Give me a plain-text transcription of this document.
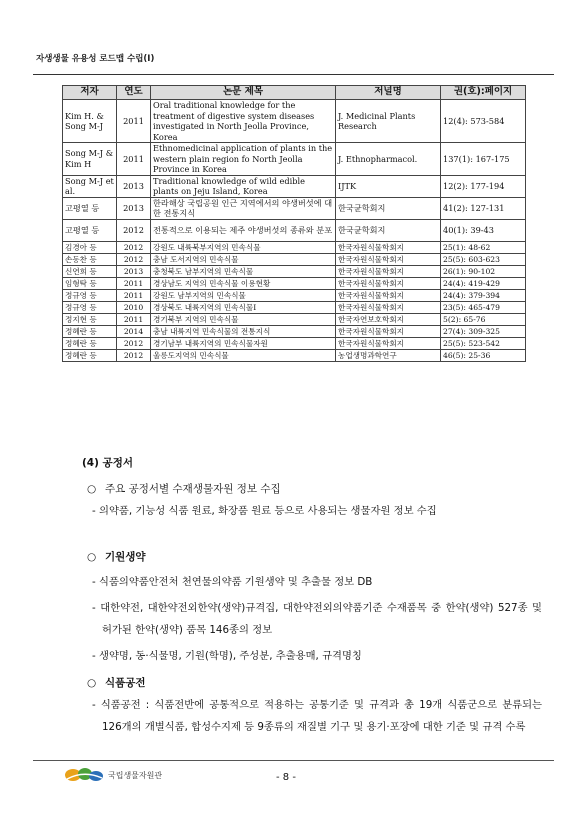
자생생물 유용성 로드맵 수립(I)
저자	연도	논문 제목	저널명	권(호):페이지
Kim H. & Song M-J	2011	Oral traditional knowledge for the treatment of digestive system diseases investigated in North Jeolla Province, Korea	J. Medicinal Plants Research	12(4): 573-584
Song M-J & Kim H	2011	Ethnomedicinal application of plants in the western plain region fo North Jeolla Province in Korea	J. Ethnopharmacol.	137(1): 167-175
Song M-J et al.	2013	Traditional knowledge of wild edible plants on Jeju Island, Korea	IJTK	12(2): 177-194
고평열 등	2013	한라해상 국립공원 인근 지역에서의 야생버섯에 대한 전통지식	한국균학회지	41(2): 127-131
고평열 등	2012	전통적으로 이용되는 제주 야생버섯의 종류와 분포	한국균학회지	40(1): 39-43
김경아 등	2012	강원도 내륙북부지역의 민속식물	한국자원식물학회지	25(1): 48-62
손동찬 등	2012	충남 도서지역의 민속식물	한국자원식물학회지	25(5): 603-623
신연희 등	2013	충청북도 남부지역의 민속식물	한국자원식물학회지	26(1): 90-102
임형탁 등	2011	경상남도 지역의 민속식물 이용현황	한국자원식물학회지	24(4): 419-429
정규영 등	2011	강원도 남부지역의 민속식물	한국자원식물학회지	24(4): 379-394
정규영 등	2010	경상북도 내륙지역의 민속식물I	한국자원식물학회지	23(5): 465-479
정지현 등	2011	경기북부 지역의 민속식물	한국자연보호학회지	5(2): 65-76
정혜란 등	2014	충남 내륙지역 민속식물의 전통지식	한국자원식물학회지	27(4): 309-325
정혜란 등	2012	경기남부 내륙지역의 민속식물자원	한국자원식물학회지	25(5): 523-542
정혜란 등	2012	울릉도지역의 민속식물	농업생명과학연구	46(5): 25-36
(4) 공정서
○ 주요 공정서별 수재생물자원 정보 수집
- 의약품, 기능성 식품 원료, 화장품 원료 등으로 사용되는 생물자원 정보 수집
○ 기원생약
- 식품의약품안전처 천연물의약품 기원생약 및 추출물 정보 DB
- 대한약전, 대한약전외한약(생약)규격집, 대한약전외의약품기준 수재품목 중 한약(생약) 527종 및 허가된 한약(생약) 품목 146종의 정보
- 생약명, 동·식물명, 기원(학명), 주성분, 추출용매, 규격명칭
○ 식품공전
- 식품공전 : 식품전반에 공통적으로 적용하는 공통기준 및 규격과 총 19개 식품군으로 분류되는 126개의 개별식품, 합성수지제 등 9종류의 재질별 기구 및 용기·포장에 대한 기준 및 규격 수록
국립생물자원관	- 8 -
